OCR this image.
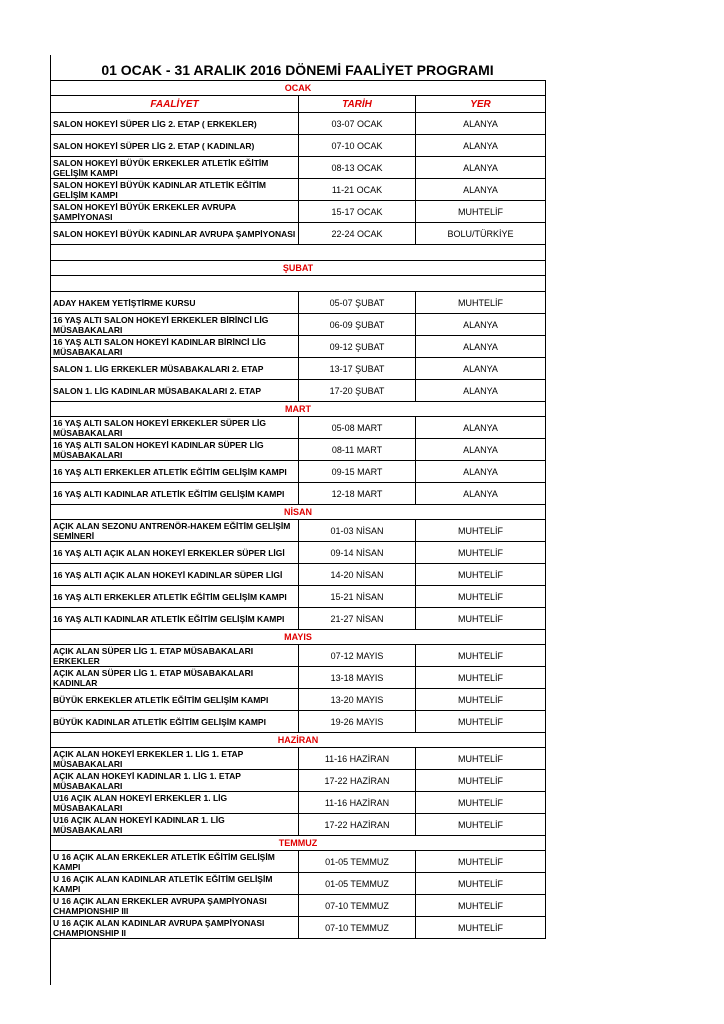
01 OCAK - 31 ARALIK 2016 DÖNEMİ FAALİYET PROGRAMI
OCAK		
FAALİYET	TARİH	YER
SALON HOKEYİ SÜPER LİG 2. ETAP ( ERKEKLER)	03-07 OCAK	ALANYA
SALON HOKEYİ SÜPER LİG 2. ETAP ( KADINLAR)	07-10 OCAK	ALANYA
SALON HOKEYİ BÜYÜK ERKEKLER ATLETİK EĞİTİM GELİŞİM KAMPI	08-13 OCAK	ALANYA
SALON HOKEYİ BÜYÜK KADINLAR ATLETİK EĞİTİM GELİŞİM KAMPI	11-21 OCAK	ALANYA
SALON HOKEYİ BÜYÜK ERKEKLER AVRUPA ŞAMPİYONASI	15-17 OCAK	MUHTELİF
SALON HOKEYİ BÜYÜK KADINLAR AVRUPA ŞAMPİYONASI	22-24 OCAK	BOLU/TÜRKİYE

ŞUBAT		

ADAY HAKEM YETİŞTİRME KURSU	05-07 ŞUBAT	MUHTELİF
16 YAŞ ALTI SALON HOKEYİ ERKEKLER BİRİNCİ LİG MÜSABAKALARI	06-09 ŞUBAT	ALANYA
16 YAŞ ALTI SALON HOKEYİ KADINLAR BİRİNCİ LİG MÜSABAKALARI	09-12 ŞUBAT	ALANYA
SALON 1. LİG ERKEKLER MÜSABAKALARI 2. ETAP	13-17 ŞUBAT	ALANYA
SALON 1. LİG KADINLAR MÜSABAKALARI 2. ETAP	17-20 ŞUBAT	ALANYA
MART		
16 YAŞ ALTI SALON HOKEYİ ERKEKLER SÜPER LİG MÜSABAKALARI	05-08 MART	ALANYA
16 YAŞ ALTI SALON HOKEYİ KADINLAR SÜPER LİG MÜSABAKALARI	08-11 MART	ALANYA
16 YAŞ ALTI ERKEKLER ATLETİK EĞİTİM GELİŞİM KAMPI	09-15 MART	ALANYA
16 YAŞ ALTI KADINLAR ATLETİK EĞİTİM GELİŞİM KAMPI	12-18 MART	ALANYA
NİSAN		
AÇIK ALAN SEZONU ANTRENÖR-HAKEM EĞİTİM GELİŞİM SEMİNERİ	01-03 NİSAN	MUHTELİF
16 YAŞ ALTI AÇIK ALAN HOKEYİ ERKEKLER SÜPER LİGİ	09-14 NİSAN	MUHTELİF
16 YAŞ ALTI AÇIK ALAN HOKEYİ KADINLAR SÜPER LİGİ	14-20 NİSAN	MUHTELİF
16 YAŞ ALTI ERKEKLER ATLETİK EĞİTİM GELİŞİM KAMPI	15-21 NİSAN	MUHTELİF
16 YAŞ ALTI KADINLAR ATLETİK EĞİTİM GELİŞİM KAMPI	21-27 NİSAN	MUHTELİF
MAYIS		
AÇIK ALAN SÜPER LİG 1. ETAP MÜSABAKALARI ERKEKLER	07-12 MAYIS	MUHTELİF
AÇIK ALAN SÜPER LİG 1. ETAP MÜSABAKALARI KADINLAR	13-18 MAYIS	MUHTELİF
BÜYÜK ERKEKLER ATLETİK EĞİTİM GELİŞİM KAMPI	13-20 MAYIS	MUHTELİF
BÜYÜK KADINLAR ATLETİK EĞİTİM GELİŞİM KAMPI	19-26 MAYIS	MUHTELİF
HAZİRAN		
AÇIK ALAN HOKEYİ ERKEKLER 1. LİG 1. ETAP MÜSABAKALARI	11-16 HAZİRAN	MUHTELİF
AÇIK ALAN HOKEYİ KADINLAR 1. LİG 1. ETAP MÜSABAKALARI	17-22 HAZİRAN	MUHTELİF
U16 AÇIK ALAN HOKEYİ ERKEKLER 1. LİG MÜSABAKALARI	11-16 HAZİRAN	MUHTELİF
U16 AÇIK ALAN HOKEYİ KADINLAR 1. LİG MÜSABAKALARI	17-22 HAZİRAN	MUHTELİF
TEMMUZ		
U 16 AÇIK ALAN ERKEKLER ATLETİK EĞİTİM GELİŞİM KAMPI	01-05 TEMMUZ	MUHTELİF
U 16 AÇIK ALAN KADINLAR ATLETİK EĞİTİM GELİŞİM KAMPI	01-05 TEMMUZ	MUHTELİF
U 16 AÇIK ALAN ERKEKLER AVRUPA ŞAMPİYONASI CHAMPIONSHIP III	07-10 TEMMUZ	MUHTELİF
U 16 AÇIK ALAN KADINLAR AVRUPA ŞAMPİYONASI CHAMPIONSHIP II	07-10 TEMMUZ	MUHTELİF
